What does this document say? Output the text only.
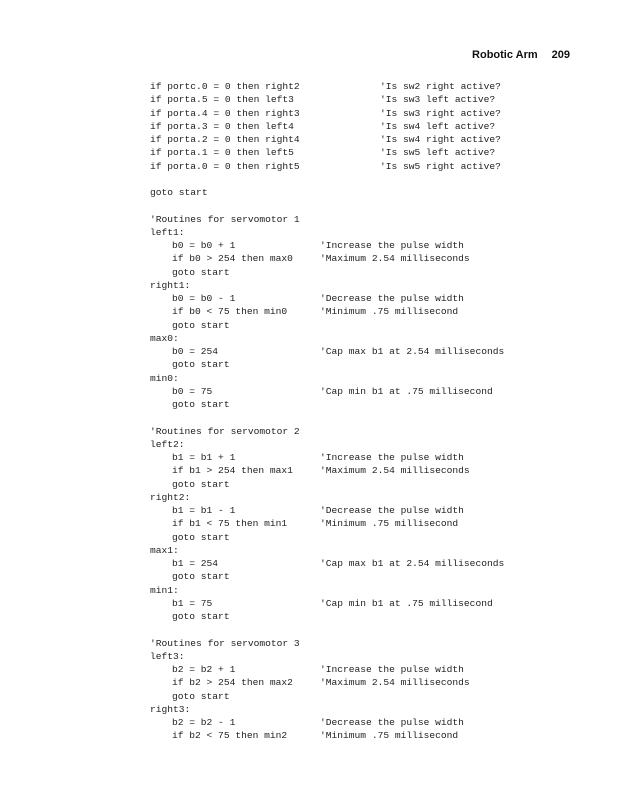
Robotic Arm 209
if portc.0 = 0 then right2	'Is sw2 right active?
if porta.5 = 0 then left3	'Is sw3 left active?
if porta.4 = 0 then right3	'Is sw3 right active?
if porta.3 = 0 then left4	'Is sw4 left active?
if porta.2 = 0 then right4	'Is sw4 right active?
if porta.1 = 0 then left5	'Is sw5 left active?
if porta.0 = 0 then right5	'Is sw5 right active?
goto start
'Routines for servomotor 1
left1:
b0 = b0 + 1	'Increase the pulse width
if b0 > 254 then max0	'Maximum 2.54 milliseconds
goto start
right1:
b0 = b0 - 1	'Decrease the pulse width
if b0 < 75 then min0	'Minimum .75 millisecond
goto start
max0:
b0 = 254	'Cap max b1 at 2.54 milliseconds
goto start
min0:
b0 = 75	'Cap min b1 at .75 millisecond
goto start
'Routines for servomotor 2
left2:
b1 = b1 + 1	'Increase the pulse width
if b1 > 254 then max1	'Maximum 2.54 milliseconds
goto start
right2:
b1 = b1 - 1	'Decrease the pulse width
if b1 < 75 then min1	'Minimum .75 millisecond
goto start
max1:
b1 = 254	'Cap max b1 at 2.54 milliseconds
goto start
min1:
b1 = 75	'Cap min b1 at .75 millisecond
goto start
'Routines for servomotor 3
left3:
b2 = b2 + 1	'Increase the pulse width
if b2 > 254 then max2	'Maximum 2.54 milliseconds
goto start
right3:
b2 = b2 - 1	'Decrease the pulse width
if b2 < 75 then min2	'Minimum .75 millisecond
